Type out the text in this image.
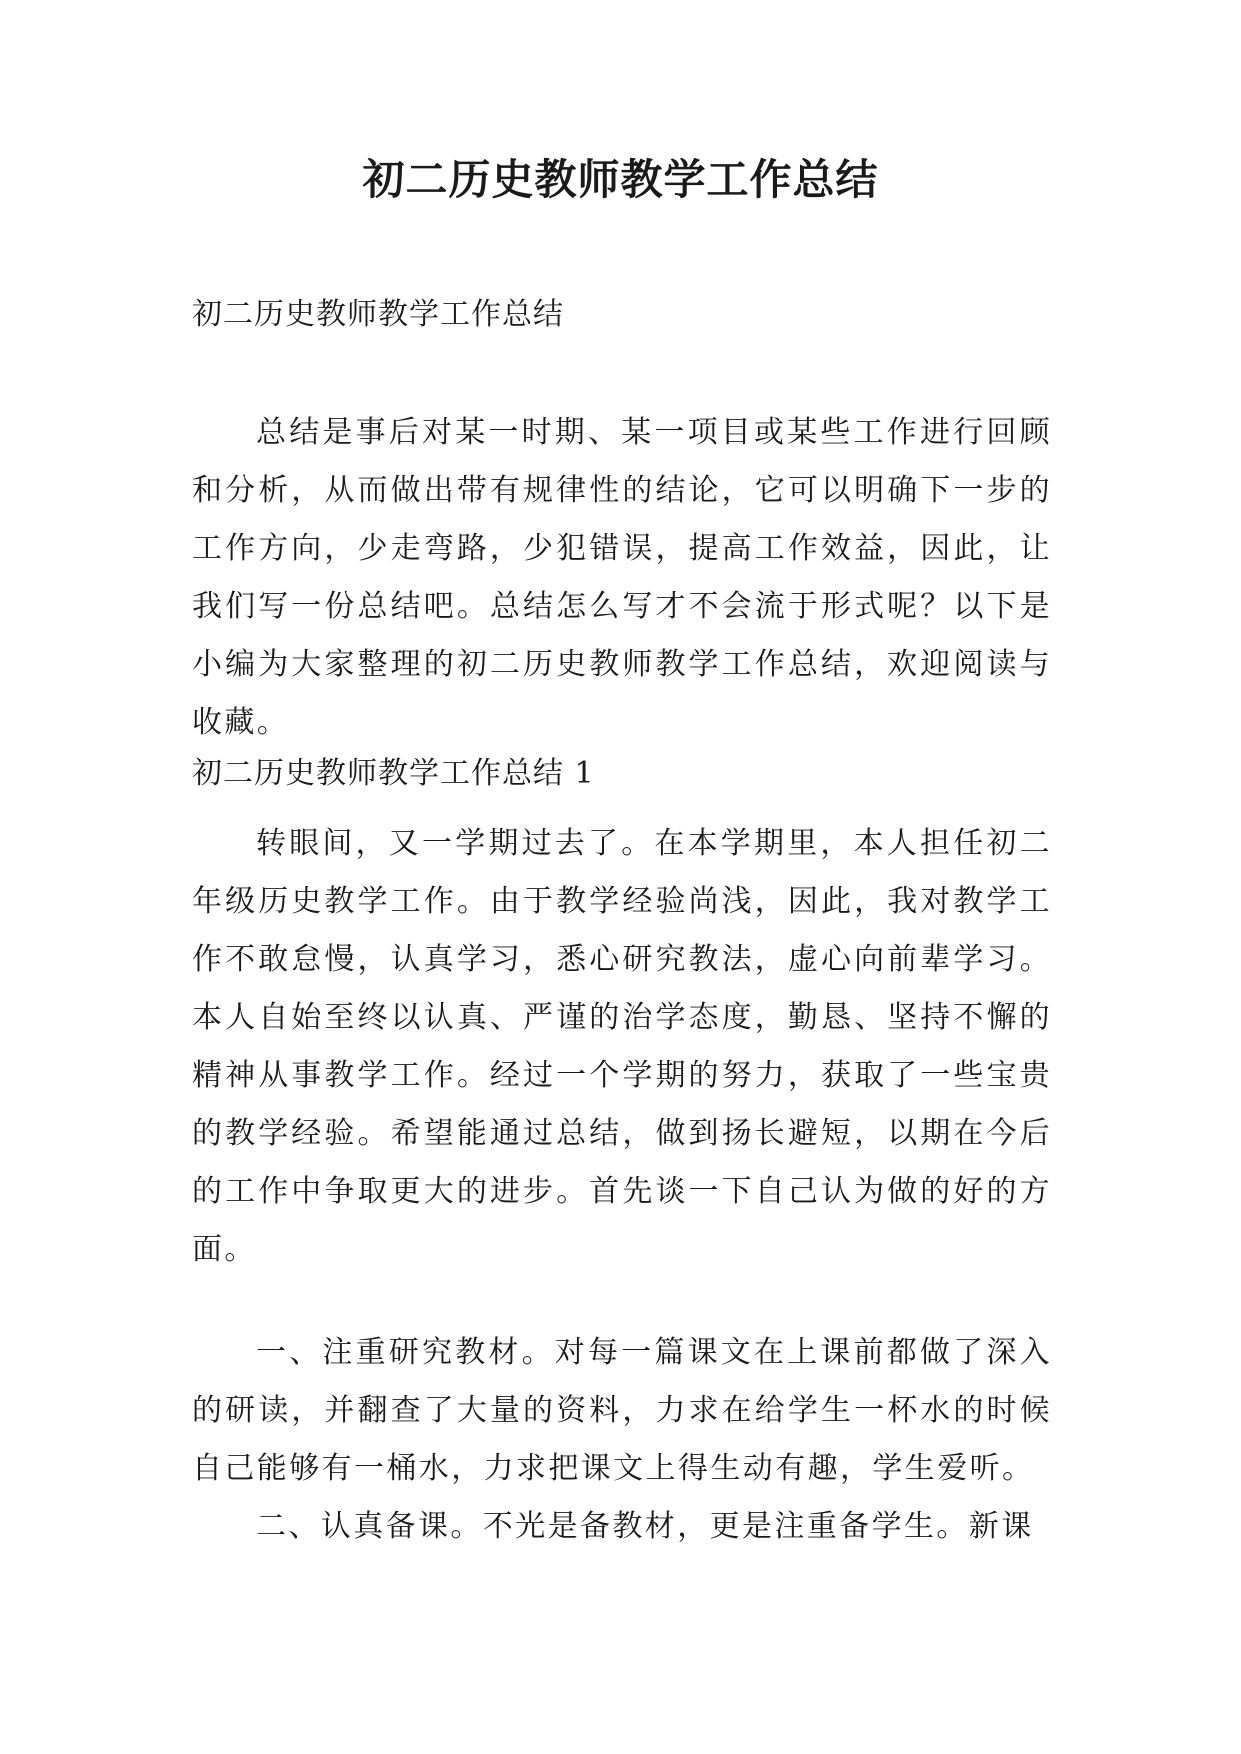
初二历史教师教学工作总结

初二历史教师教学工作总结

总结是事后对某一时期、某一项目或某些工作进行回顾和分析，从而做出带有规律性的结论，它可以明确下一步的工作方向，少走弯路，少犯错误，提高工作效益，因此，让我们写一份总结吧。总结怎么写才不会流于形式呢？以下是小编为大家整理的初二历史教师教学工作总结，欢迎阅读与收藏。

初二历史教师教学工作总结 1

转眼间，又一学期过去了。在本学期里，本人担任初二年级历史教学工作。由于教学经验尚浅，因此，我对教学工作不敢怠慢，认真学习，悉心研究教法，虚心向前辈学习。本人自始至终以认真、严谨的治学态度，勤恳、坚持不懈的精神从事教学工作。经过一个学期的努力，获取了一些宝贵的教学经验。希望能通过总结，做到扬长避短，以期在今后的工作中争取更大的进步。首先谈一下自己认为做的好的方面。

一、注重研究教材。对每一篇课文在上课前都做了深入的研读，并翻查了大量的资料，力求在给学生一杯水的时候自己能够有一桶水，力求把课文上得生动有趣，学生爱听。

二、认真备课。不光是备教材，更是注重备学生。新课
